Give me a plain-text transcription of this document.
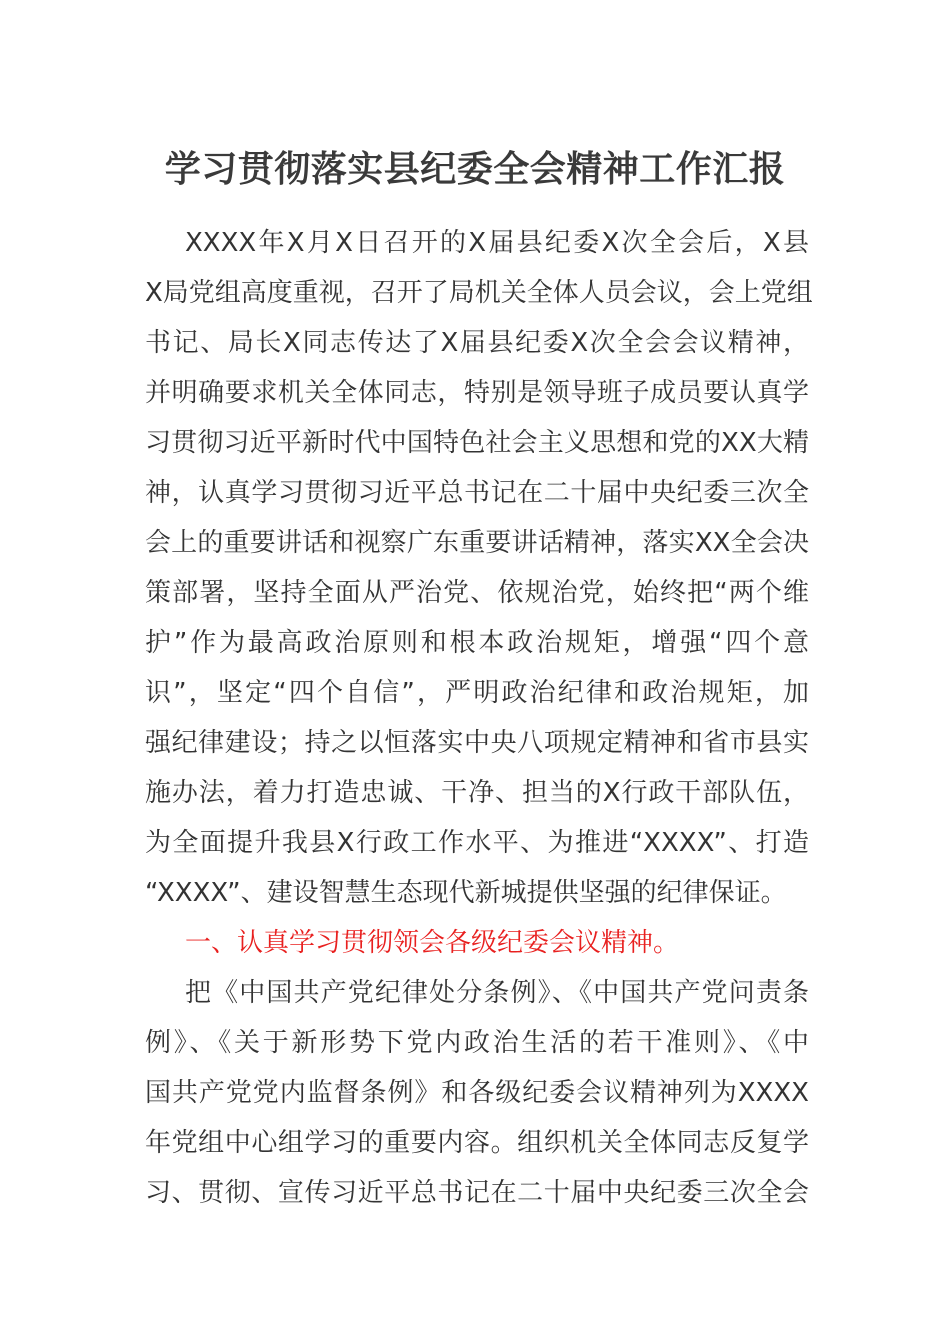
学习贯彻落实县纪委全会精神工作汇报
XXXX年X月X日召开的X届县纪委X次全会后，X县
X局党组高度重视，召开了局机关全体人员会议，会上党组
书记、局长X同志传达了X届县纪委X次全会会议精神，
并明确要求机关全体同志，特别是领导班子成员要认真学
习贯彻习近平新时代中国特色社会主义思想和党的XX大精
神，认真学习贯彻习近平总书记在二十届中央纪委三次全
会上的重要讲话和视察广东重要讲话精神，落实XX全会决
策部署，坚持全面从严治党、依规治党，始终把“两个维
护”作为最高政治原则和根本政治规矩，增强“四个意
识”，坚定“四个自信”，严明政治纪律和政治规矩，加
强纪律建设；持之以恒落实中央八项规定精神和省市县实
施办法，着力打造忠诚、干净、担当的X行政干部队伍，
为全面提升我县X行政工作水平、为推进“XXXX”、打造
“XXXX”、建设智慧生态现代新城提供坚强的纪律保证。
一、认真学习贯彻领会各级纪委会议精神。
把《中国共产党纪律处分条例》、《中国共产党问责条
例》、《关于新形势下党内政治生活的若干准则》、《中
国共产党党内监督条例》和各级纪委会议精神列为XXXX
年党组中心组学习的重要内容。组织机关全体同志反复学
习、贯彻、宣传习近平总书记在二十届中央纪委三次全会
